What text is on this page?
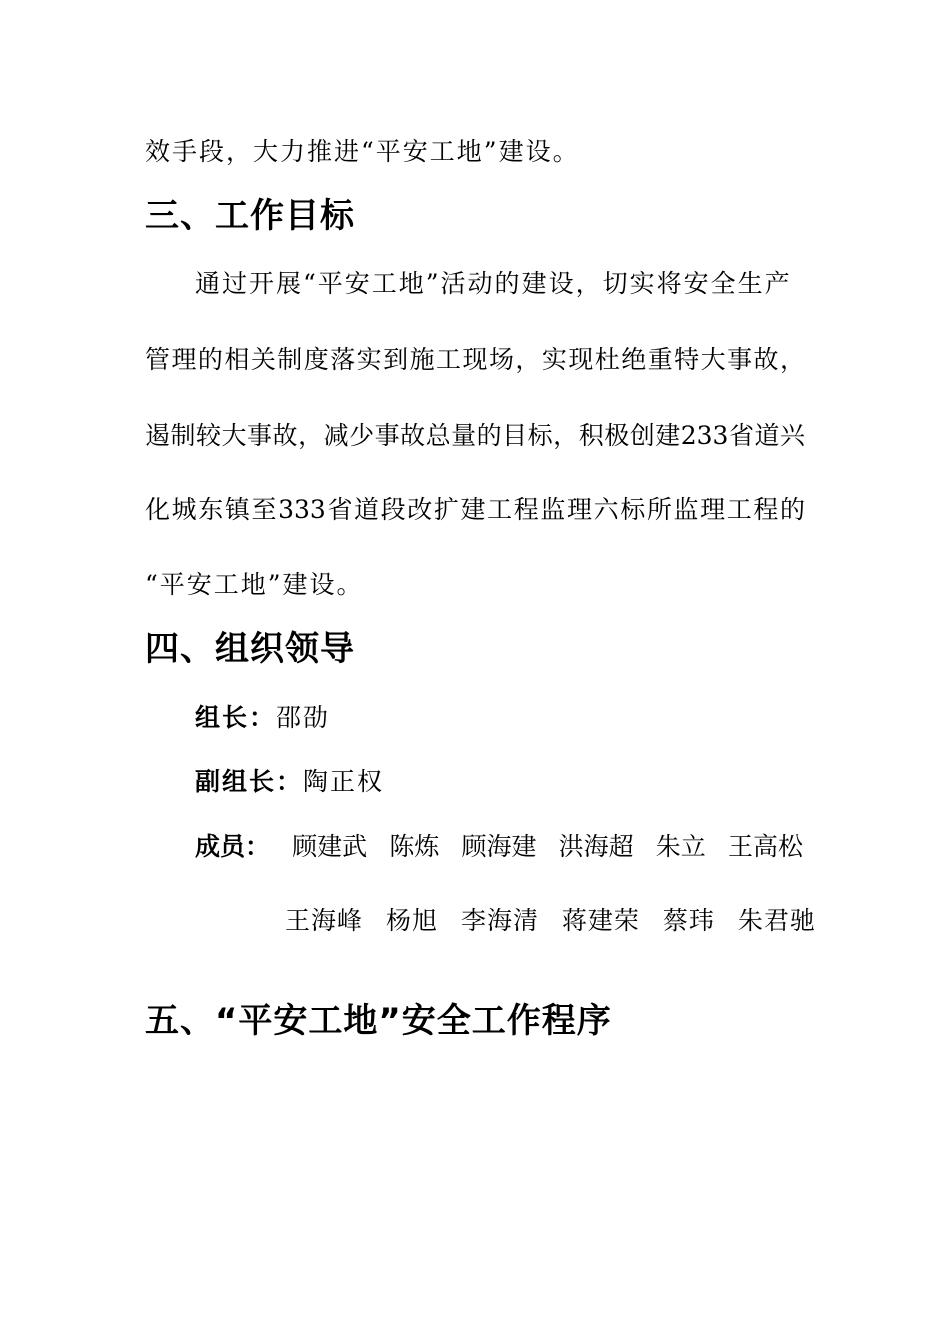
效手段，大力推进“平安工地”建设。
三、工作目标
通过开展“平安工地”活动的建设，切实将安全生产
管理的相关制度落实到施工现场，实现杜绝重特大事故，
遏制较大事故，减少事故总量的目标，积极创建233省道兴
化城东镇至333省道段改扩建工程监理六标所监理工程的
“平安工地”建设。
四、组织领导
组长：邵劭
副组长：陶正权
成员： 顾建武 陈炼 顾海建 洪海超 朱立 王高松
王海峰 杨旭 李海清 蒋建荣 蔡玮 朱君驰
五、“平安工地”安全工作程序
